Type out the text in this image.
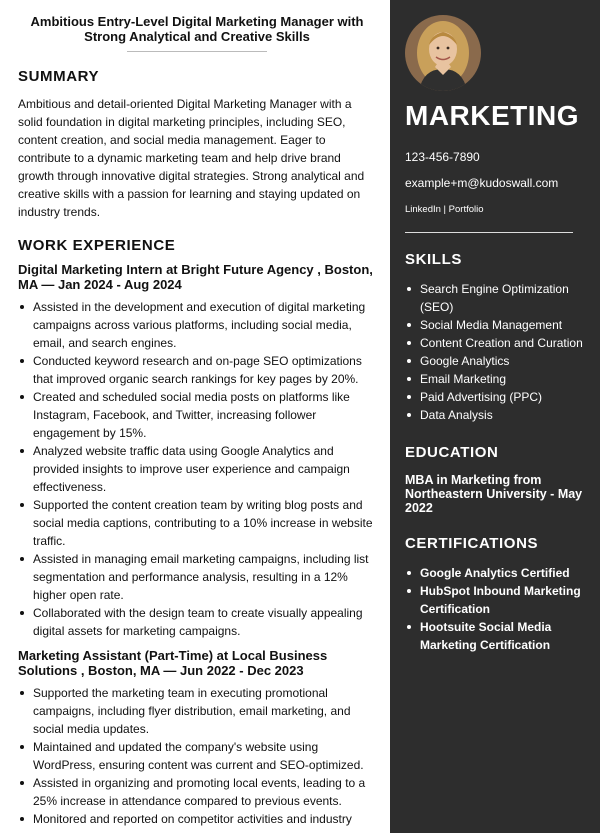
Ambitious Entry-Level Digital Marketing Manager with Strong Analytical and Creative Skills
SUMMARY

Ambitious and detail-oriented Digital Marketing Manager with a solid foundation in digital marketing principles, including SEO, content creation, and social media management. Eager to contribute to a dynamic marketing team and help drive brand growth through innovative digital strategies. Strong analytical and creative skills with a passion for learning and staying updated on industry trends.

WORK EXPERIENCE
Digital Marketing Intern at Bright Future Agency , Boston, MA — Jan 2024 - Aug 2024
Assisted in the development and execution of digital marketing campaigns across various platforms, including social media, email, and search engines.
Conducted keyword research and on-page SEO optimizations that improved organic search rankings for key pages by 20%.
Created and scheduled social media posts on platforms like Instagram, Facebook, and Twitter, increasing follower engagement by 15%.
Analyzed website traffic data using Google Analytics and provided insights to improve user experience and campaign effectiveness.
Supported the content creation team by writing blog posts and social media captions, contributing to a 10% increase in website traffic.
Assisted in managing email marketing campaigns, including list segmentation and performance analysis, resulting in a 12% higher open rate.
Collaborated with the design team to create visually appealing digital assets for marketing campaigns.
Marketing Assistant (Part-Time) at Local Business Solutions , Boston, MA — Jun 2022 - Dec 2023
Supported the marketing team in executing promotional campaigns, including flyer distribution, email marketing, and social media updates.
Maintained and updated the company's website using WordPress, ensuring content was current and SEO-optimized.
Assisted in organizing and promoting local events, leading to a 25% increase in attendance compared to previous events.
Monitored and reported on competitor activities and industry
MARKETING
123-456-7890
example+m@kudoswall.com
LinkedIn | Portfolio
SKILLS
Search Engine Optimization (SEO)
Social Media Management
Content Creation and Curation
Google Analytics
Email Marketing
Paid Advertising (PPC)
Data Analysis
EDUCATION
MBA in Marketing from Northeastern University - May 2022
CERTIFICATIONS
Google Analytics Certified
HubSpot Inbound Marketing Certification
Hootsuite Social Media Marketing Certification
